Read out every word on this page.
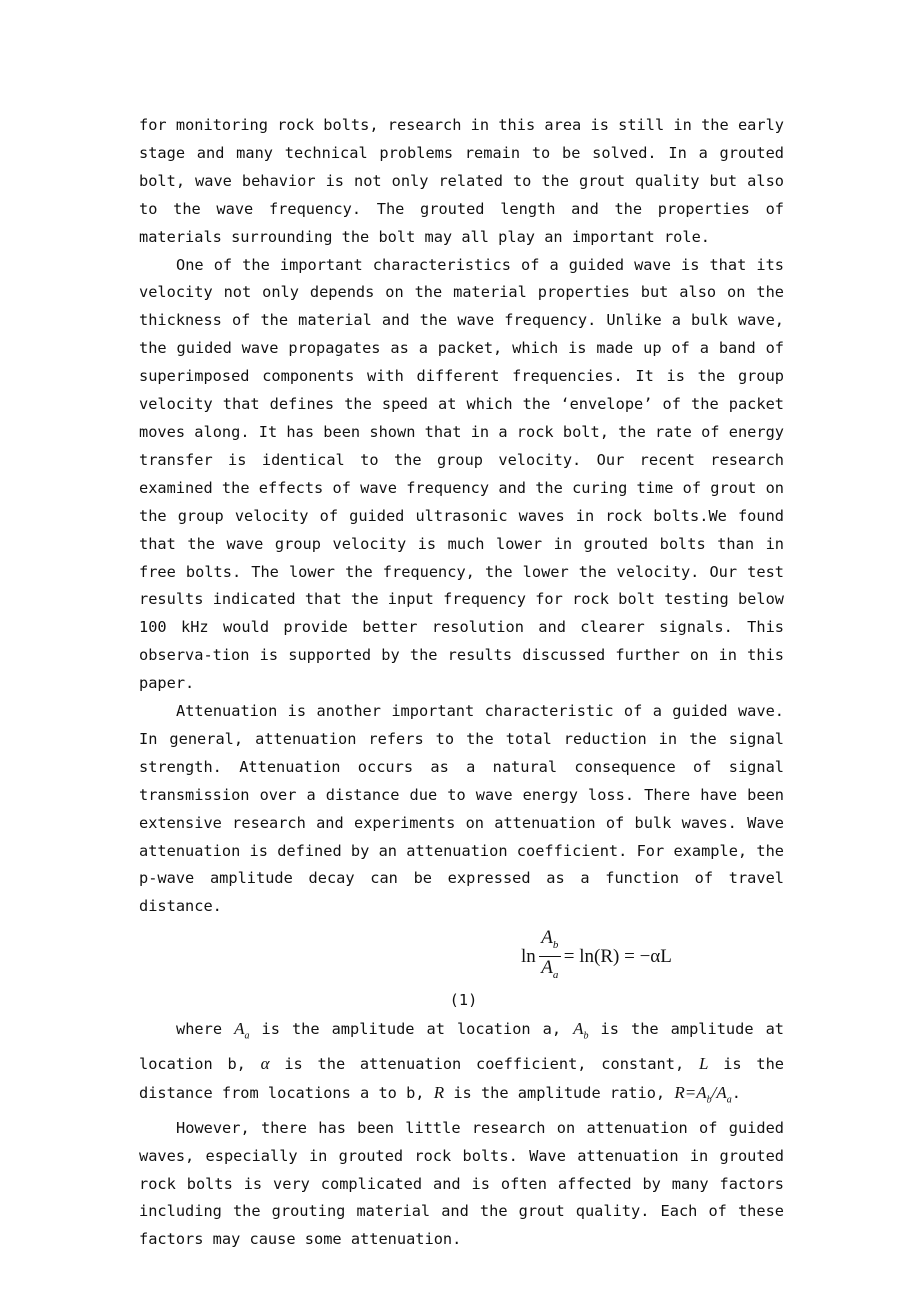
for monitoring rock bolts, research in this area is still in the early stage and many technical problems remain to be solved. In a grouted bolt, wave behavior is not only related to the grout quality but also to the wave frequency. The grouted length and the properties of materials surrounding the bolt may all play an important role.

One of the important characteristics of a guided wave is that its velocity not only depends on the material properties but also on the thickness of the material and the wave frequency. Unlike a bulk wave, the guided wave propagates as a packet, which is made up of a band of superimposed components with different frequencies. It is the group velocity that defines the speed at which the ‘envelope’ of the packet moves along. It has been shown that in a rock bolt, the rate of energy transfer is identical to the group velocity. Our recent research examined the effects of wave frequency and the curing time of grout on the group velocity of guided ultrasonic waves in rock bolts.We found that the wave group velocity is much lower in grouted bolts than in free bolts. The lower the frequency, the lower the velocity. Our test results indicated that the input frequency for rock bolt testing below 100 kHz would provide better resolution and clearer signals. This observa-tion is supported by the results discussed further on in this paper.

Attenuation is another important characteristic of a guided wave. In general, attenuation refers to the total reduction in the signal strength. Attenuation occurs as a natural consequence of signal transmission over a distance due to wave energy loss. There have been extensive research and experiments on attenuation of bulk waves. Wave attenuation is defined by an attenuation coefficient. For example, the p-wave amplitude decay can be expressed as a function of travel distance.

$\ln \frac{A_b}{A_a} = \ln(R) = -\alpha L$
(1)

where $A_a$ is the amplitude at location a, $A_b$ is the amplitude at location b, α is the attenuation coefficient, constant, L is the distance from locations a to b, R is the amplitude ratio, $R=A_b/A_a$.

However, there has been little research on attenuation of guided waves, especially in grouted rock bolts. Wave attenuation in grouted rock bolts is very complicated and is often affected by many factors including the grouting material and the grout quality. Each of these factors may cause some attenuation.
